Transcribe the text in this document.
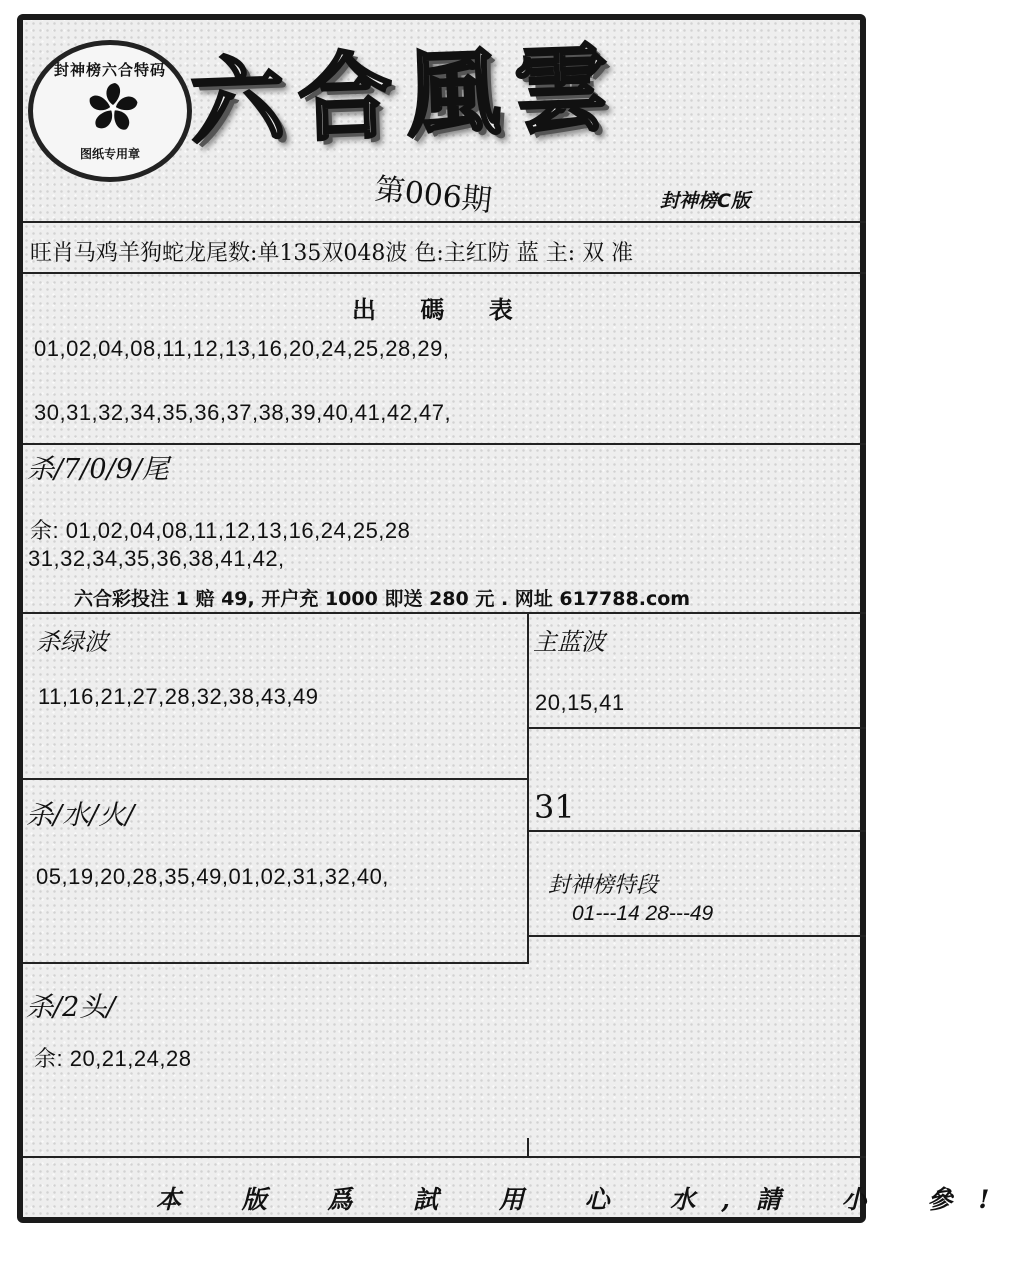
封神榜六合特码
图纸专用章 六合風雲
第006期	封神榜C版
旺肖马鸡羊狗蛇龙尾数:单135双048波 色:主红防 蓝 主: 双 准
出 碼 表
01,02,04,08,11,12,13,16,20,24,25,28,29,
30,31,32,34,35,36,37,38,39,40,41,42,47,
杀/7/0/9/尾
余: 01,02,04,08,11,12,13,16,24,25,28
31,32,34,35,36,38,41,42,
六合彩投注 1 赔 49, 开户充 1000 即送 280 元 . 网址 617788.com
杀绿波
11,16,21,27,28,32,38,43,49
主蓝波
20,15,41
31
杀/水/火/
05,19,20,28,35,49,01,02,31,32,40,	封神榜特段
01---14 28---49
杀/2头/
余: 20,21,24,28
本 版 爲 試 用 心 水,請 小 參!
